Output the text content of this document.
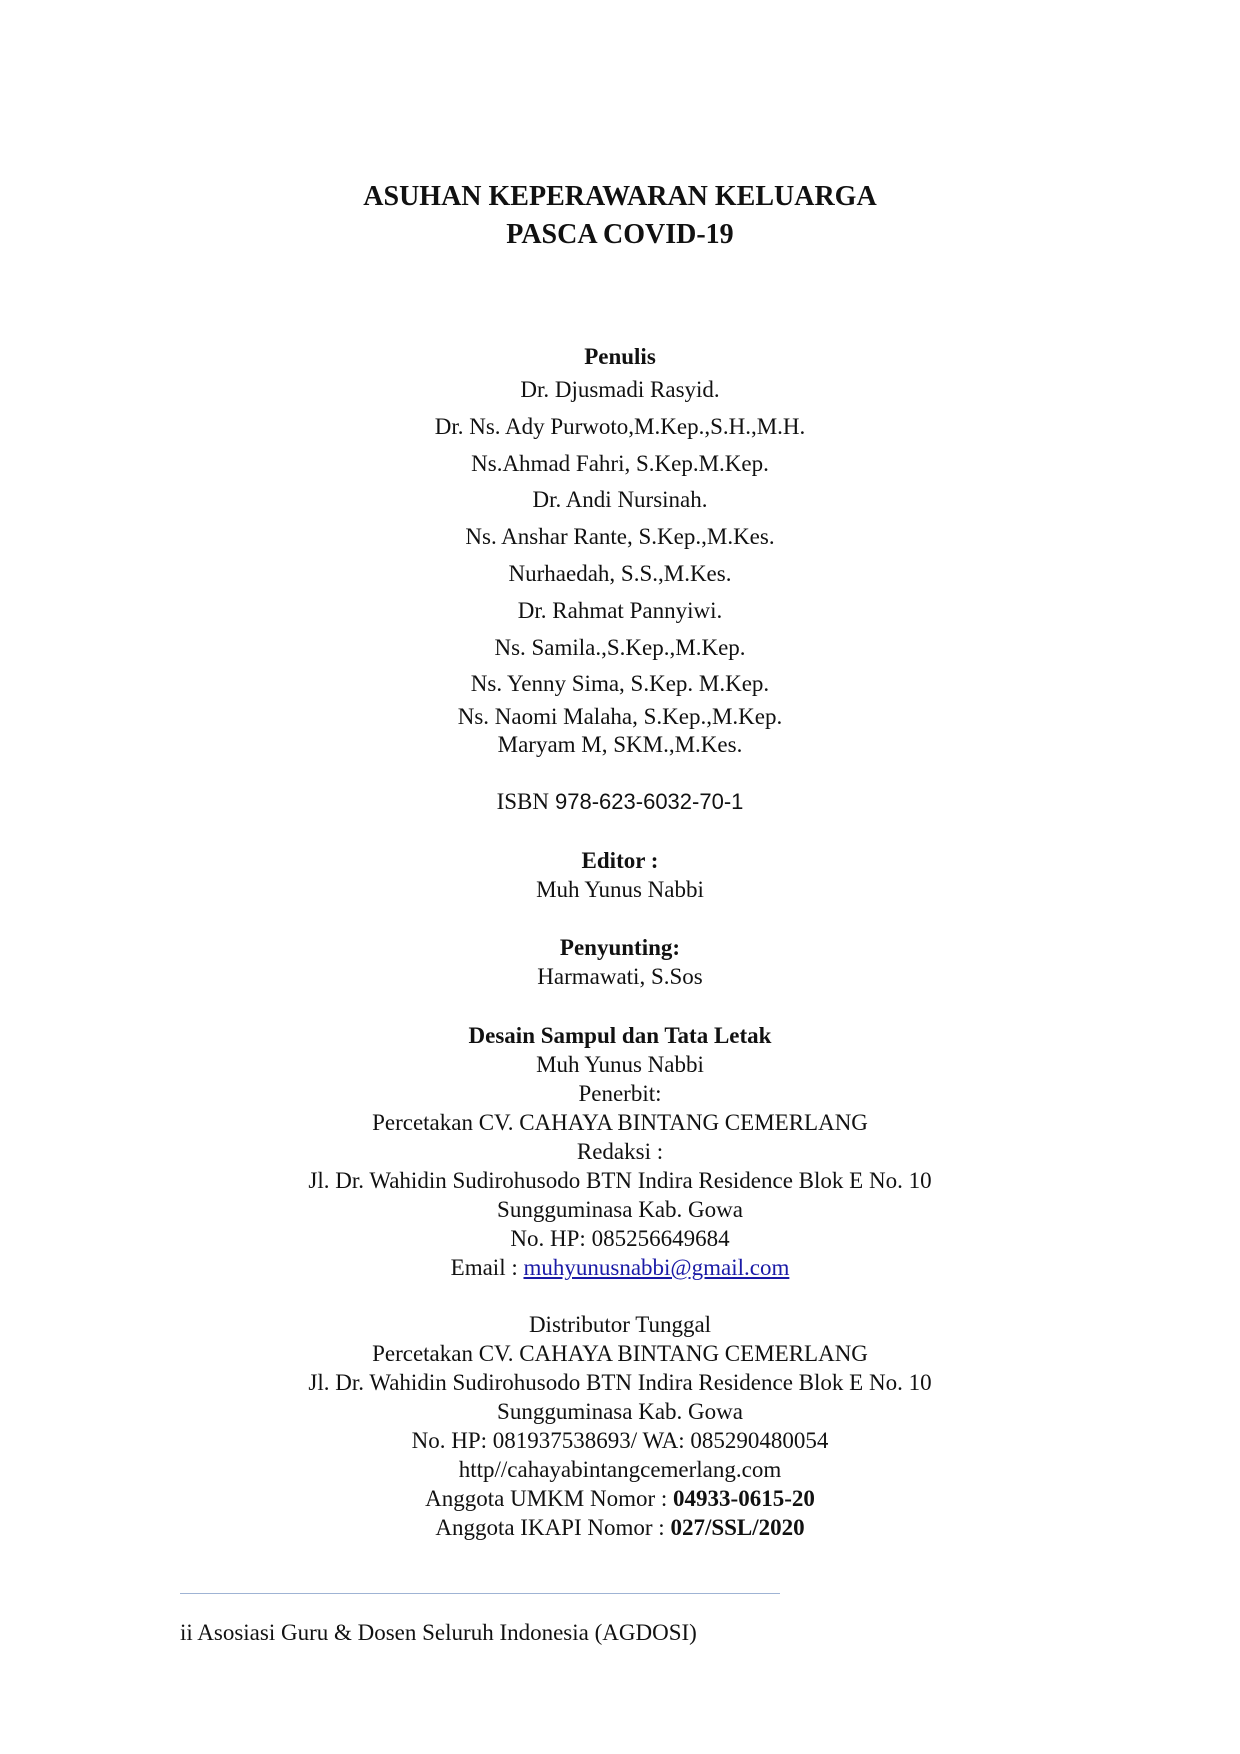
ASUHAN KEPERAWARAN KELUARGA
PASCA COVID-19
Penulis
Dr. Djusmadi Rasyid.
Dr. Ns. Ady Purwoto,M.Kep.,S.H.,M.H.
Ns.Ahmad Fahri, S.Kep.M.Kep.
Dr. Andi Nursinah.
Ns. Anshar Rante, S.Kep.,M.Kes.
Nurhaedah, S.S.,M.Kes.
Dr. Rahmat Pannyiwi.
Ns. Samila.,S.Kep.,M.Kep.
Ns. Yenny Sima, S.Kep. M.Kep.
Ns. Naomi Malaha, S.Kep.,M.Kep.
Maryam M, SKM.,M.Kes.
ISBN 978-623-6032-70-1
Editor :
Muh Yunus Nabbi
Penyunting:
Harmawati, S.Sos
Desain Sampul dan Tata Letak
Muh Yunus Nabbi
Penerbit:
Percetakan CV. CAHAYA BINTANG CEMERLANG
Redaksi :
Jl. Dr. Wahidin Sudirohusodo BTN Indira Residence Blok E No. 10
Sungguminasa Kab. Gowa
No. HP: 085256649684
Email : muhyunusnabbi@gmail.com
Distributor Tunggal
Percetakan CV. CAHAYA BINTANG CEMERLANG
Jl. Dr. Wahidin Sudirohusodo BTN Indira Residence Blok E No. 10
Sungguminasa Kab. Gowa
No. HP: 081937538693/ WA: 085290480054
http//cahayabintangcemerlang.com
Anggota UMKM Nomor : 04933-0615-20
Anggota IKAPI Nomor : 027/SSL/2020
ii Asosiasi Guru & Dosen Seluruh Indonesia (AGDOSI)
